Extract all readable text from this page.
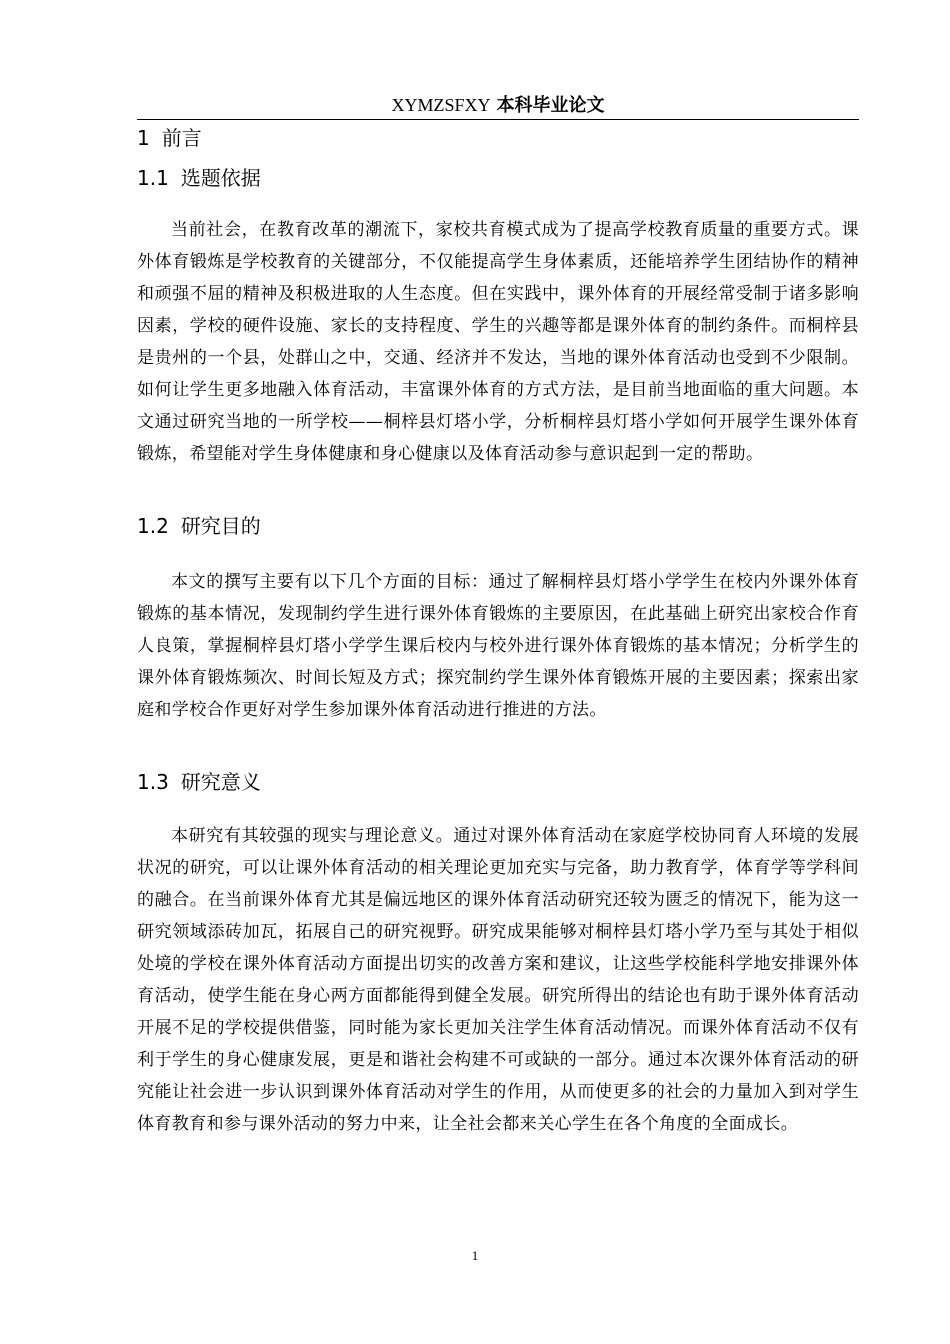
XYMZSFXY 本科毕业论文
1 前言
1.1 选题依据
当前社会，在教育改革的潮流下，家校共育模式成为了提高学校教育质量的重要方式。课外体育锻炼是学校教育的关键部分，不仅能提高学生身体素质，还能培养学生团结协作的精神和顽强不屈的精神及积极进取的人生态度。但在实践中，课外体育的开展经常受制于诸多影响因素，学校的硬件设施、家长的支持程度、学生的兴趣等都是课外体育的制约条件。而桐梓县是贵州的一个县，处群山之中，交通、经济并不发达，当地的课外体育活动也受到不少限制。如何让学生更多地融入体育活动，丰富课外体育的方式方法，是目前当地面临的重大问题。本文通过研究当地的一所学校——桐梓县灯塔小学，分析桐梓县灯塔小学如何开展学生课外体育锻炼，希望能对学生身体健康和身心健康以及体育活动参与意识起到一定的帮助。
1.2 研究目的
本文的撰写主要有以下几个方面的目标：通过了解桐梓县灯塔小学学生在校内外课外体育锻炼的基本情况，发现制约学生进行课外体育锻炼的主要原因，在此基础上研究出家校合作育人良策，掌握桐梓县灯塔小学学生课后校内与校外进行课外体育锻炼的基本情况；分析学生的课外体育锻炼频次、时间长短及方式；探究制约学生课外体育锻炼开展的主要因素；探索出家庭和学校合作更好对学生参加课外体育活动进行推进的方法。
1.3 研究意义
本研究有其较强的现实与理论意义。通过对课外体育活动在家庭学校协同育人环境的发展状况的研究，可以让课外体育活动的相关理论更加充实与完备，助力教育学，体育学等学科间的融合。在当前课外体育尤其是偏远地区的课外体育活动研究还较为匮乏的情况下，能为这一研究领域添砖加瓦，拓展自己的研究视野。研究成果能够对桐梓县灯塔小学乃至与其处于相似处境的学校在课外体育活动方面提出切实的改善方案和建议，让这些学校能科学地安排课外体育活动，使学生能在身心两方面都能得到健全发展。研究所得出的结论也有助于课外体育活动开展不足的学校提供借鉴，同时能为家长更加关注学生体育活动情况。而课外体育活动不仅有利于学生的身心健康发展，更是和谐社会构建不可或缺的一部分。通过本次课外体育活动的研究能让社会进一步认识到课外体育活动对学生的作用，从而使更多的社会的力量加入到对学生体育教育和参与课外活动的努力中来，让全社会都来关心学生在各个角度的全面成长。
1
